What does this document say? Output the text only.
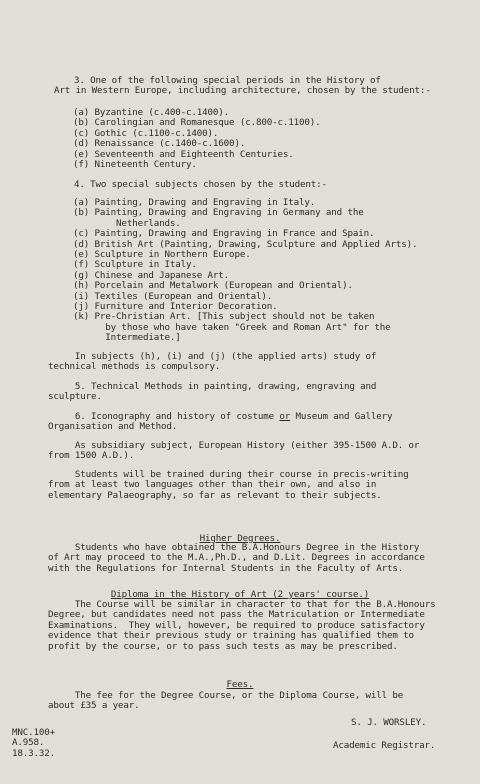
3. One of the following special periods in the History of
Art in Western Europe, including architecture, chosen by the student:-
(a) Byzantine (c.400-c.1400).
(b) Carolingian and Romanesque (c.800-c.1100).
(c) Gothic (c.1100-c.1400).
(d) Renaissance (c.1400-c.1600).
(e) Seventeenth and Eighteenth Centuries.
(f) Nineteenth Century.
4. Two special subjects chosen by the student:-
(a) Painting, Drawing and Engraving in Italy.
(b) Painting, Drawing and Engraving in Germany and the
Netherlands.
(c) Painting, Drawing and Engraving in France and Spain.
(d) British Art (Painting, Drawing, Sculpture and Applied Arts).
(e) Sculpture in Northern Europe.
(f) Sculpture in Italy.
(g) Chinese and Japanese Art.
(h) Porcelain and Metalwork (European and Oriental).
(i) Textiles (European and Oriental).
(j) Furniture and Interior Decoration.
(k) Pre-Christian Art. [This subject should not be taken
by those who have taken "Greek and Roman Art" for the
Intermediate.]
In subjects (h), (i) and (j) (the applied arts) study of
technical methods is compulsory.
5. Technical Methods in painting, drawing, engraving and
sculpture.
6. Iconography and history of costume or Museum and Gallery
Organisation and Method.
As subsidiary subject, European History (either 395-1500 A.D. or
from 1500 A.D.).
Students will be trained during their course in precis-writing
from at least two languages other than their own, and also in
elementary Palaeography, so far as relevant to their subjects.
Higher Degrees.
Students who have obtained the B.A.Honours Degree in the History
of Art may proceed to the M.A.,Ph.D., and D.Lit. Degrees in accordance
with the Regulations for Internal Students in the Faculty of Arts.
Diploma in the History of Art (2 years' course.)
The Course will be similar in character to that for the B.A.Honours
Degree, but candidates need not pass the Matriculation or Intermediate
Examinations.  They will, however, be required to produce satisfactory
evidence that their previous study or training has qualified them to
profit by the course, or to pass such tests as may be prescribed.
Fees.
The fee for the Degree Course, or the Diploma Course, will be
about £35 a year.
S. J. WORSLEY.
Academic Registrar.
MNC.100+
A.958.
18.3.32.
